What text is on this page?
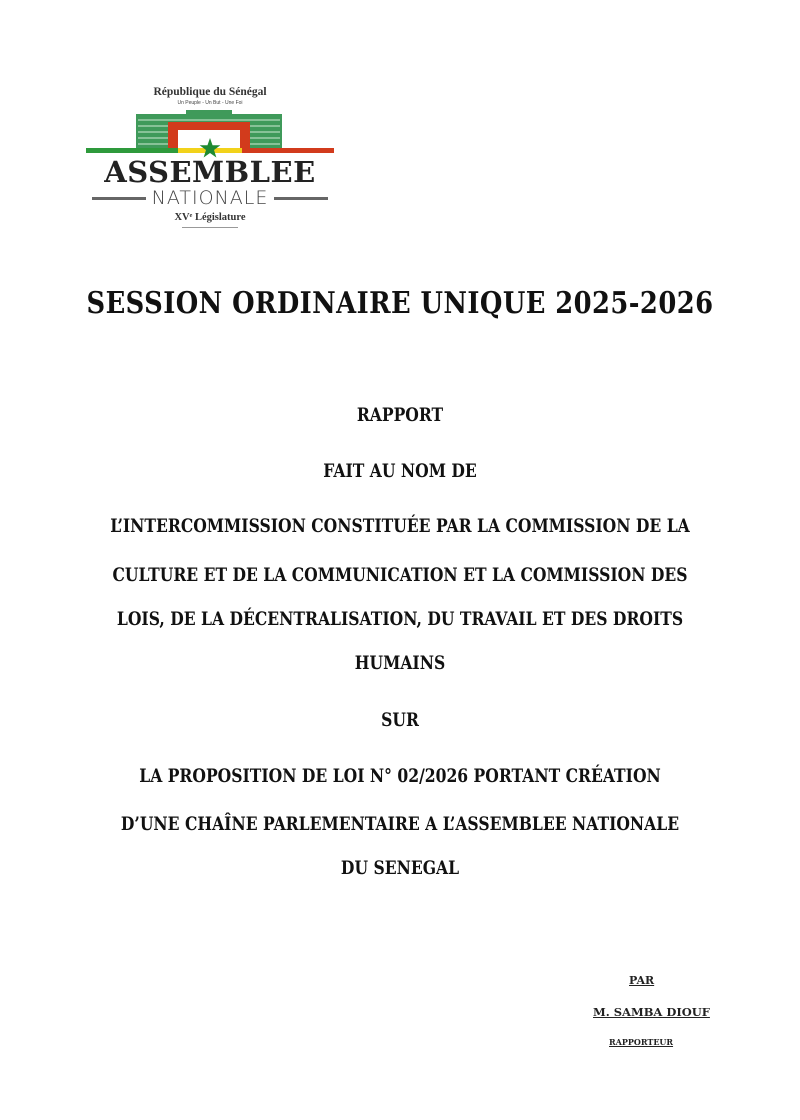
République du Sénégal
Un Peuple - Un But - Une Foi
ASSEMBLEE
NATIONALE
XVᵉ Législature
SESSION ORDINAIRE UNIQUE 2025-2026
RAPPORT
FAIT AU NOM DE
L’INTERCOMMISSION CONSTITUÉE PAR LA COMMISSION DE LA
CULTURE ET DE LA COMMUNICATION ET LA COMMISSION DES
LOIS, DE LA DÉCENTRALISATION, DU TRAVAIL ET DES DROITS
HUMAINS
SUR
LA PROPOSITION DE LOI N° 02/2026 PORTANT CRÉATION
D’UNE CHAÎNE PARLEMENTAIRE A L’ASSEMBLEE NATIONALE
DU SENEGAL
PAR
M. SAMBA DIOUF
RAPPORTEUR
